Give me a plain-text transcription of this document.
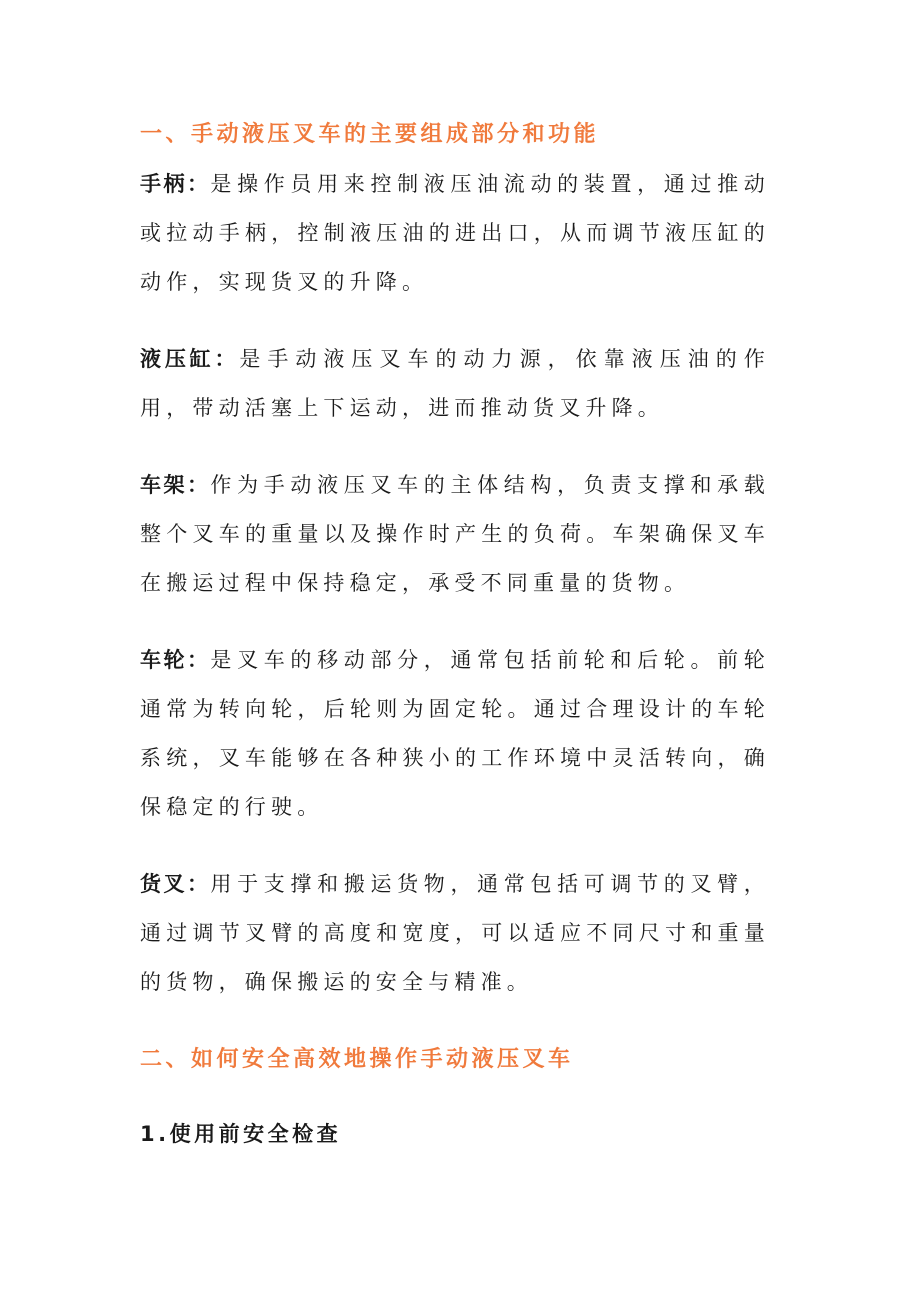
一、手动液压叉车的主要组成部分和功能

手柄：是操作员用来控制液压油流动的装置，通过推动或拉动手柄，控制液压油的进出口，从而调节液压缸的动作，实现货叉的升降。

液压缸：是手动液压叉车的动力源，依靠液压油的作用，带动活塞上下运动，进而推动货叉升降。

车架：作为手动液压叉车的主体结构，负责支撑和承载整个叉车的重量以及操作时产生的负荷。车架确保叉车在搬运过程中保持稳定，承受不同重量的货物。

车轮：是叉车的移动部分，通常包括前轮和后轮。前轮通常为转向轮，后轮则为固定轮。通过合理设计的车轮系统，叉车能够在各种狭小的工作环境中灵活转向，确保稳定的行驶。

货叉：用于支撑和搬运货物，通常包括可调节的叉臂，通过调节叉臂的高度和宽度，可以适应不同尺寸和重量的货物，确保搬运的安全与精准。

二、如何安全高效地操作手动液压叉车
1.使用前安全检查
